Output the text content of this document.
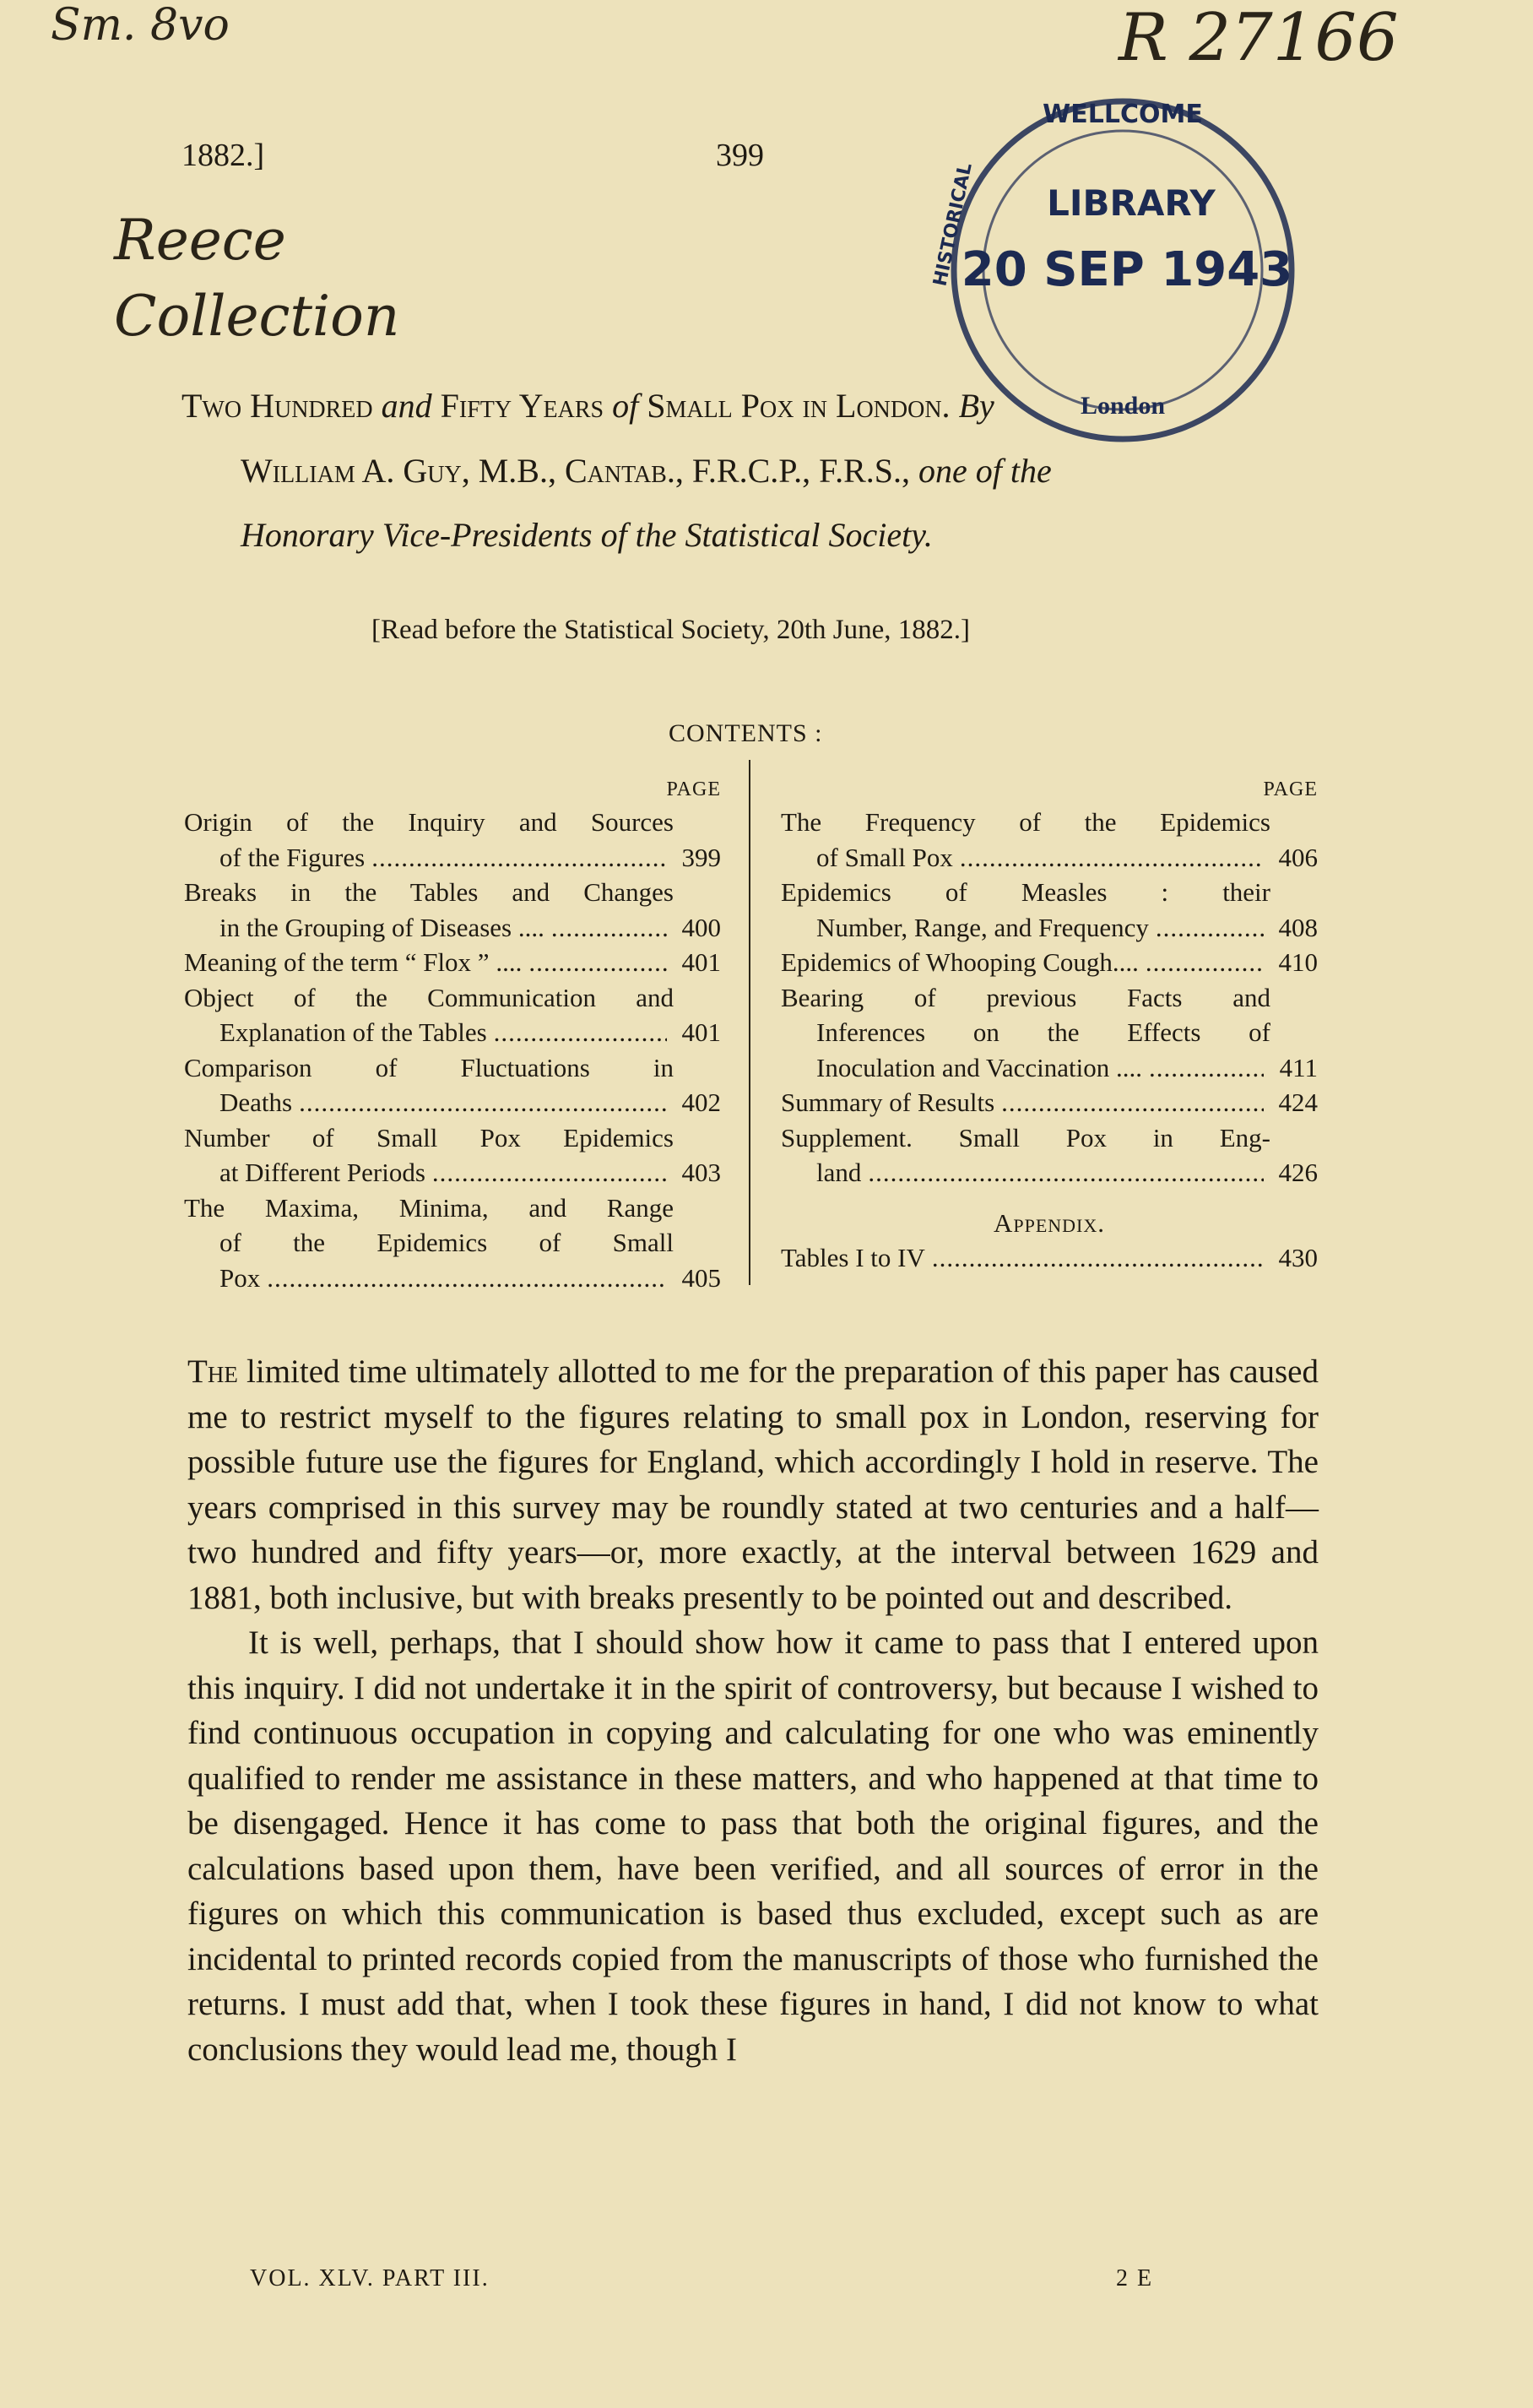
Sm. 8vo	R 27166
Reece
Collection
1882.]	399
WELLCOME
HISTORICAL LIBRARY
20 SEP 1943
London
Two Hundred and Fifty Years of Small Pox in London. By
William A. Guy, M.B., Cantab., F.R.C.P., F.R.S., one of the
Honorary Vice-Presidents of the Statistical Society.
[Read before the Statistical Society, 20th June, 1882.]
CONTENTS :
PAGE
Origin of the Inquiry and Sources
of the Figures .....	399
Breaks in the Tables and Changes
in the Grouping of Diseases .... .....	400
Meaning of the term “ Flox ” .... .....	401
Object of the Communication and
Explanation of the Tables .....	401
Comparison of Fluctuations in
Deaths .....	402
Number of Small Pox Epidemics
at Different Periods .....	403
The Maxima, Minima, and Range
of the Epidemics of Small
Pox .....	405
PAGE
The Frequency of the Epidemics
of Small Pox .....	406
Epidemics of Measles : their
Number, Range, and Frequency .....	408
Epidemics of Whooping Cough.... .....	410
Bearing of previous Facts and
Inferences on the Effects of
Inoculation and Vaccination .... .....	411
Summary of Results .....	424
Supplement. Small Pox in Eng-
land .....	426
Appendix.
Tables I to IV .....	430

The limited time ultimately allotted to me for the preparation of this paper has caused me to restrict myself to the figures relating to small pox in London, reserving for possible future use the figures for England, which accordingly I hold in reserve. The years comprised in this survey may be roundly stated at two centuries and a half—two hundred and fifty years—or, more exactly, at the interval between 1629 and 1881, both inclusive, but with breaks presently to be pointed out and described.

It is well, perhaps, that I should show how it came to pass that I entered upon this inquiry. I did not undertake it in the spirit of controversy, but because I wished to find continuous occupation in copying and calculating for one who was eminently qualified to render me assistance in these matters, and who happened at that time to be disengaged. Hence it has come to pass that both the original figures, and the calculations based upon them, have been verified, and all sources of error in the figures on which this communication is based thus excluded, except such as are incidental to printed records copied from the manuscripts of those who furnished the returns. I must add that, when I took these figures in hand, I did not know to what conclusions they would lead me, though I

VOL. XLV. PART III.	2 E
